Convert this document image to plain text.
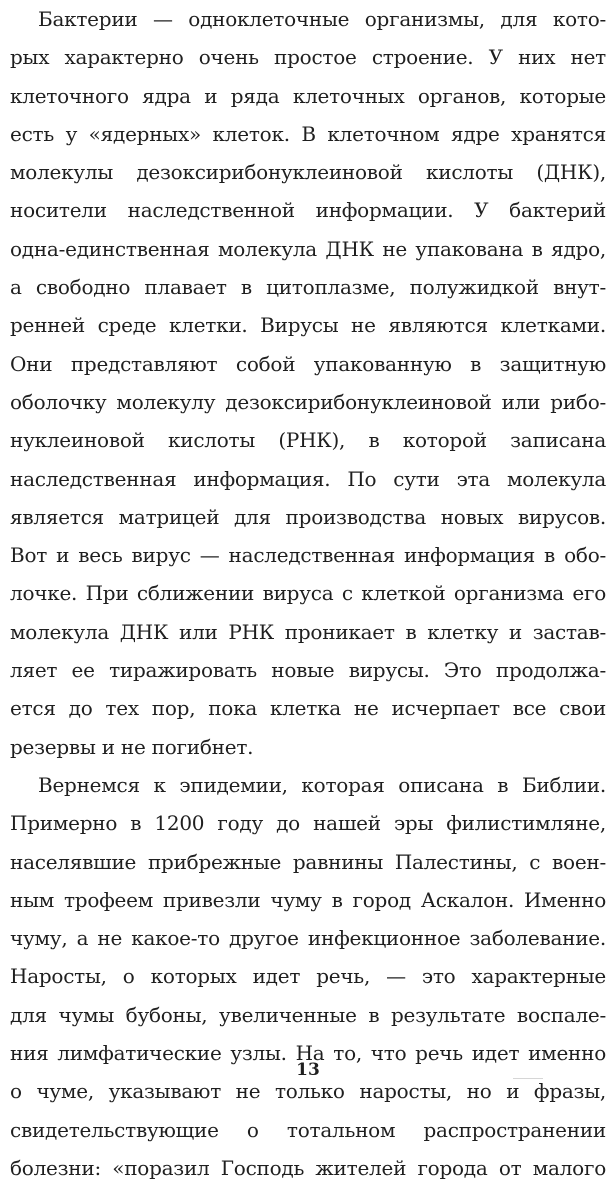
Бактерии — одноклеточные организмы, для кото-
рых характерно очень простое строение. У них нет
клеточного ядра и ряда клеточных органов, которые
есть у «ядерных» клеток. В клеточном ядре хранятся
молекулы дезоксирибонуклеиновой кислоты (ДНК),
носители наследственной информации. У бактерий
одна-единственная молекула ДНК не упакована в ядро,
а свободно плавает в цитоплазме, полужидкой внут-
ренней среде клетки. Вирусы не являются клетками.
Они представляют собой упакованную в защитную
оболочку молекулу дезоксирибонуклеиновой или рибо-
нуклеиновой кислоты (РНК), в которой записана
наследственная информация. По сути эта молекула
является матрицей для производства новых вирусов.
Вот и весь вирус — наследственная информация в обо-
лочке. При сближении вируса с клеткой организма его
молекула ДНК или РНК проникает в клетку и застав-
ляет ее тиражировать новые вирусы. Это продолжа-
ется до тех пор, пока клетка не исчерпает все свои
резервы и не погибнет.
Вернемся к эпидемии, которая описана в Библии.
Примерно в 1200 году до нашей эры филистимляне,
населявшие прибрежные равнины Палестины, с воен-
ным трофеем привезли чуму в город Аскалон. Именно
чуму, а не какое-то другое инфекционное заболевание.
Наросты, о которых идет речь, — это характерные
для чумы бубоны, увеличенные в результате воспале-
ния лимфатические узлы. На то, что речь идет именно
о чуме, указывают не только наросты, но и фразы,
свидетельствующие о тотальном распространении
болезни: «поразил Господь жителей города от малого
13
